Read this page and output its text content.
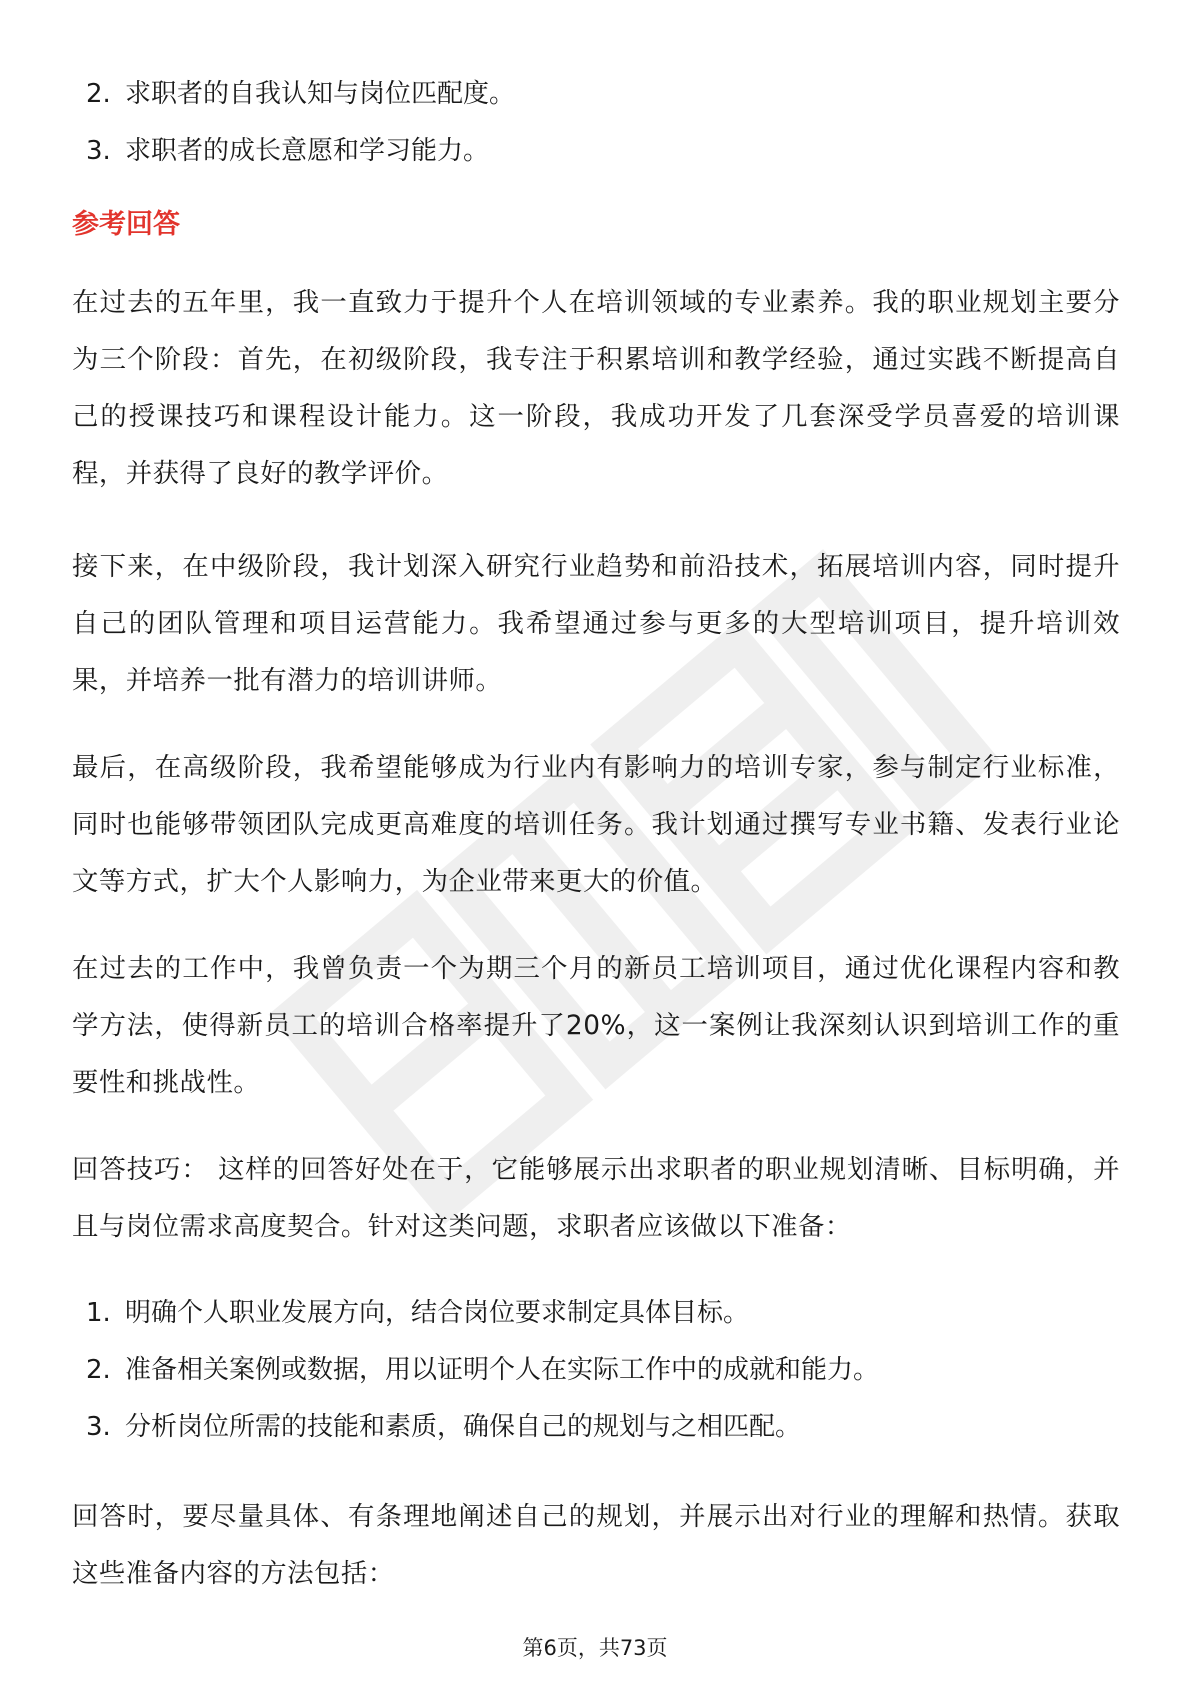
2. 求职者的自我认知与岗位匹配度。
3. 求职者的成长意愿和学习能力。
参考回答

在过去的五年里，我一直致力于提升个人在培训领域的专业素养。我的职业规划主要分为三个阶段：首先，在初级阶段，我专注于积累培训和教学经验，通过实践不断提高自己的授课技巧和课程设计能力。这一阶段，我成功开发了几套深受学员喜爱的培训课程，并获得了良好的教学评价。

接下来，在中级阶段，我计划深入研究行业趋势和前沿技术，拓展培训内容，同时提升自己的团队管理和项目运营能力。我希望通过参与更多的大型培训项目，提升培训效果，并培养一批有潜力的培训讲师。

最后，在高级阶段，我希望能够成为行业内有影响力的培训专家，参与制定行业标准，同时也能够带领团队完成更高难度的培训任务。我计划通过撰写专业书籍、发表行业论文等方式，扩大个人影响力，为企业带来更大的价值。

在过去的工作中，我曾负责一个为期三个月的新员工培训项目，通过优化课程内容和教学方法，使得新员工的培训合格率提升了20%，这一案例让我深刻认识到培训工作的重要性和挑战性。

回答技巧： 这样的回答好处在于，它能够展示出求职者的职业规划清晰、目标明确，并且与岗位需求高度契合。针对这类问题，求职者应该做以下准备：

1. 明确个人职业发展方向，结合岗位要求制定具体目标。
2. 准备相关案例或数据，用以证明个人在实际工作中的成就和能力。
3. 分析岗位所需的技能和素质，确保自己的规划与之相匹配。

回答时，要尽量具体、有条理地阐述自己的规划，并展示出对行业的理解和热情。获取这些准备内容的方法包括：

第6页，共73页
